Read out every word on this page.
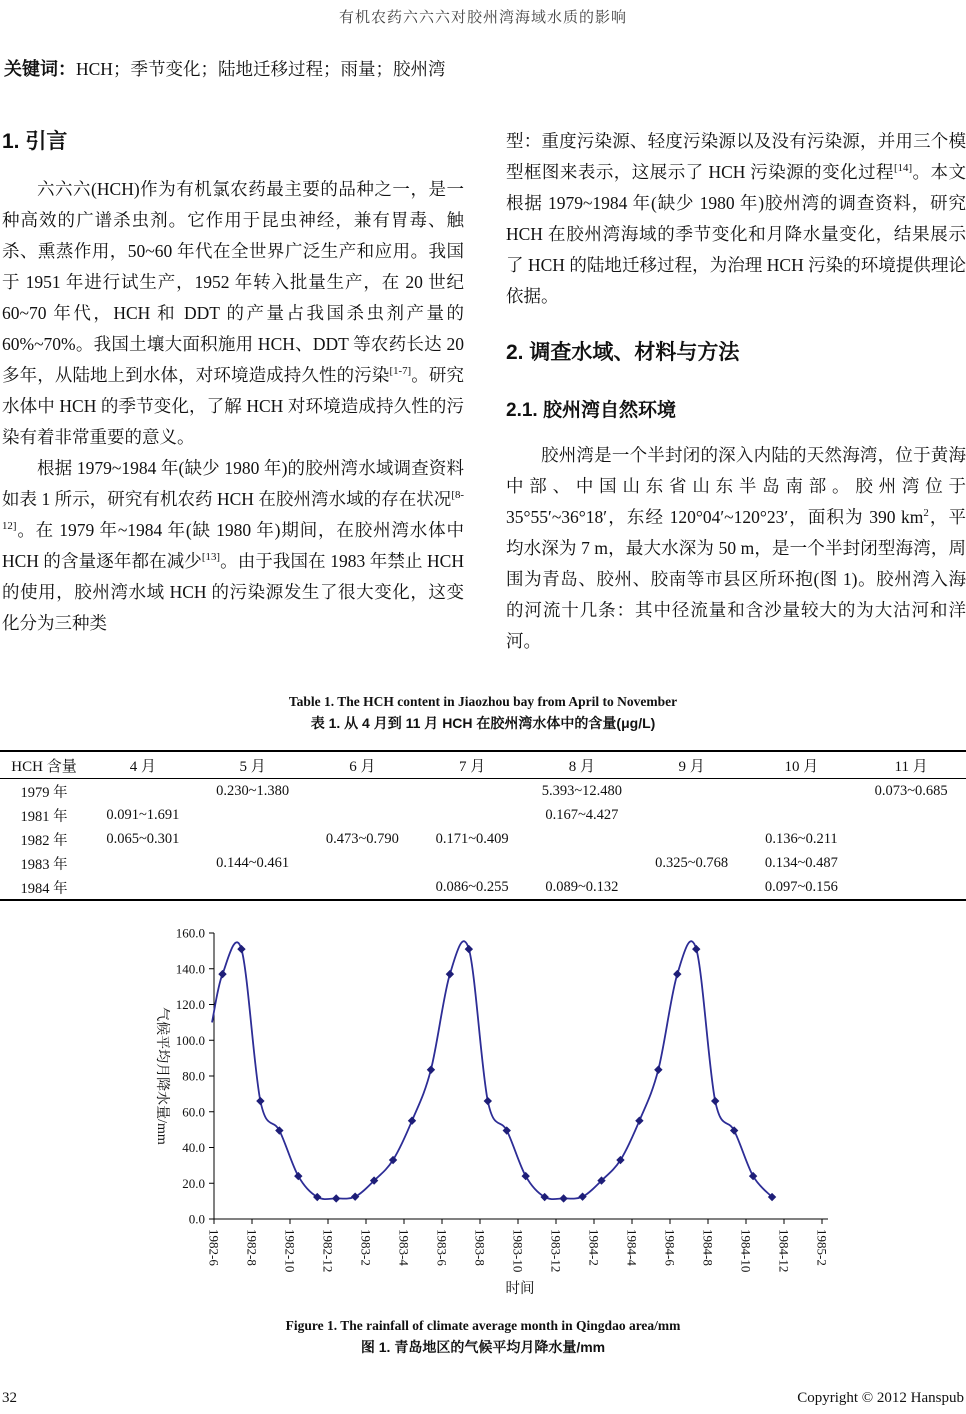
有机农药六六六对胶州湾海域水质的影响
关键词：HCH；季节变化；陆地迁移过程；雨量；胶州湾
1. 引言

六六六(HCH)作为有机氯农药最主要的品种之一，是一种高效的广谱杀虫剂。它作用于昆虫神经，兼有胃毒、触杀、熏蒸作用，50~60 年代在全世界广泛生产和应用。我国于 1951 年进行试生产，1952 年转入批量生产，在 20 世纪 60~70 年代，HCH 和 DDT 的产量占我国杀虫剂产量的 60%~70%。我国土壤大面积施用 HCH、DDT 等农药长达 20 多年，从陆地上到水体，对环境造成持久性的污染[1-7]。研究水体中 HCH 的季节变化，了解 HCH 对环境造成持久性的污染有着非常重要的意义。

根据 1979~1984 年(缺少 1980 年)的胶州湾水域调查资料如表 1 所示，研究有机农药 HCH 在胶州湾水域的存在状况[8-12]。在 1979 年~1984 年(缺 1980 年)期间，在胶州湾水体中 HCH 的含量逐年都在减少[13]。由于我国在 1983 年禁止 HCH 的使用，胶州湾水域 HCH 的污染源发生了很大变化，这变化分为三种类

型：重度污染源、轻度污染源以及没有污染源，并用三个模型框图来表示，这展示了 HCH 污染源的变化过程[14]。本文根据 1979~1984 年(缺少 1980 年)胶州湾的调查资料，研究 HCH 在胶州湾海域的季节变化和月降水量变化，结果展示了 HCH 的陆地迁移过程，为治理 HCH 污染的环境提供理论依据。

2. 调查水域、材料与方法
2.1. 胶州湾自然环境

胶州湾是一个半封闭的深入内陆的天然海湾，位于黄海中部、中国山东省山东半岛南部。胶州湾位于 35°55′~36°18′，东经 120°04′~120°23′，面积为 390 $km^2$，平均水深为 7 m，最大水深为 50 m，是一个半封闭型海湾，周围为青岛、胶州、胶南等市县区所环抱(图 1)。胶州湾入海的河流十几条：其中径流量和含沙量较大的为大沽河和洋河。

Table 1. The HCH content in Jiaozhou bay from April to November
表 1. 从 4 月到 11 月 HCH 在胶州湾水体中的含量(μg/L)
HCH 含量	4 月	5 月	6 月	7 月	8 月	9 月	10 月	11 月
1979 年		0.230~1.380			5.393~12.480			0.073~0.685
1981 年	0.091~1.691				0.167~4.427			
1982 年	0.065~0.301		0.473~0.790	0.171~0.409			0.136~0.211	
1983 年		0.144~0.461				0.325~0.768	0.134~0.487	
1984 年				0.086~0.255	0.089~0.132		0.097~0.156	
0.0
20.0
40.0
60.0
80.0
100.0
120.0
140.0
160.0
1982-6 1982-8 1982-10 1982-12 1983-2 1983-4 1983-6 1983-8 1983-10 1983-12 1984-2 1984-4 1984-6 1984-8 1984-10 1984-12 1985-2
气候平均月降水量/mm
时间
Figure 1. The rainfall of climate average month in Qingdao area/mm
图 1. 青岛地区的气候平均月降水量/mm
32	Copyright © 2012 Hanspub
